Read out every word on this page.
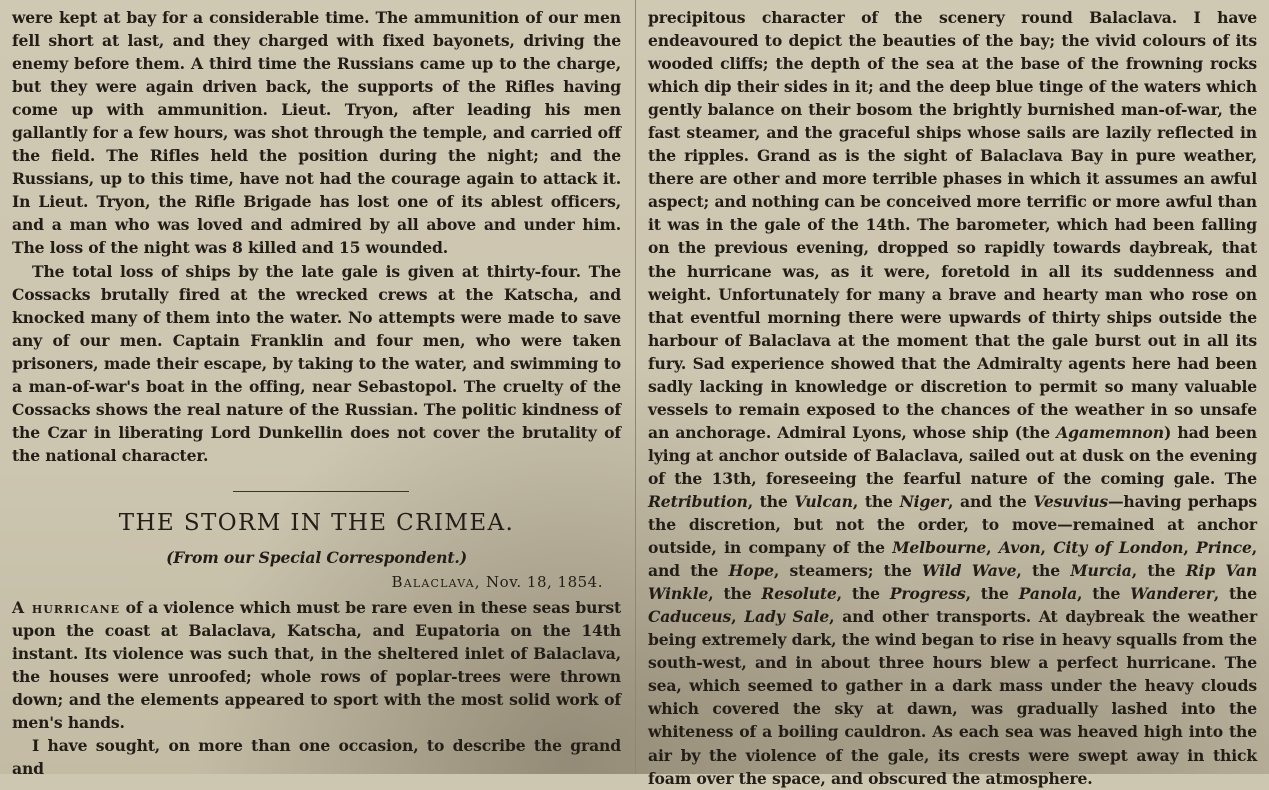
were kept at bay for a considerable time. The ammunition of our men fell short at last, and they charged with fixed bayonets, driving the enemy before them. A third time the Russians came up to the charge, but they were again driven back, the supports of the Rifles having come up with ammunition. Lieut. Tryon, after leading his men gallantly for a few hours, was shot through the temple, and carried off the field. The Rifles held the position during the night; and the Russians, up to this time, have not had the courage again to attack it. In Lieut. Tryon, the Rifle Brigade has lost one of its ablest officers, and a man who was loved and admired by all above and under him. The loss of the night was 8 killed and 15 wounded.

The total loss of ships by the late gale is given at thirty-four. The Cossacks brutally fired at the wrecked crews at the Katscha, and knocked many of them into the water. No attempts were made to save any of our men. Captain Franklin and four men, who were taken prisoners, made their escape, by taking to the water, and swimming to a man-of-war's boat in the offing, near Sebastopol. The cruelty of the Cossacks shows the real nature of the Russian. The politic kindness of the Czar in liberating Lord Dunkellin does not cover the brutality of the national character.

THE STORM IN THE CRIMEA.
(From our Special Correspondent.)
Balaclava, Nov. 18, 1854.

A hurricane of a violence which must be rare even in these seas burst upon the coast at Balaclava, Katscha, and Eupatoria on the 14th instant. Its violence was such that, in the sheltered inlet of Balaclava, the houses were unroofed; whole rows of poplar-trees were thrown down; and the elements appeared to sport with the most solid work of men's hands.

I have sought, on more than one occasion, to describe the grand and

precipitous character of the scenery round Balaclava. I have endeavoured to depict the beauties of the bay; the vivid colours of its wooded cliffs; the depth of the sea at the base of the frowning rocks which dip their sides in it; and the deep blue tinge of the waters which gently balance on their bosom the brightly burnished man-of-war, the fast steamer, and the graceful ships whose sails are lazily reflected in the ripples. Grand as is the sight of Balaclava Bay in pure weather, there are other and more terrible phases in which it assumes an awful aspect; and nothing can be conceived more terrific or more awful than it was in the gale of the 14th. The barometer, which had been falling on the previous evening, dropped so rapidly towards daybreak, that the hurricane was, as it were, foretold in all its suddenness and weight. Unfortunately for many a brave and hearty man who rose on that eventful morning there were upwards of thirty ships outside the harbour of Balaclava at the moment that the gale burst out in all its fury. Sad experience showed that the Admiralty agents here had been sadly lacking in knowledge or discretion to permit so many valuable vessels to remain exposed to the chances of the weather in so unsafe an anchorage. Admiral Lyons, whose ship (the Agamemnon) had been lying at anchor outside of Balaclava, sailed out at dusk on the evening of the 13th, foreseeing the fearful nature of the coming gale. The Retribution, the Vulcan, the Niger, and the Vesuvius—having perhaps the discretion, but not the order, to move—remained at anchor outside, in company of the Melbourne, Avon, City of London, Prince, and the Hope, steamers; the Wild Wave, the Murcia, the Rip Van Winkle, the Resolute, the Progress, the Panola, the Wanderer, the Caduceus, Lady Sale, and other transports. At daybreak the weather being extremely dark, the wind began to rise in heavy squalls from the south-west, and in about three hours blew a perfect hurricane. The sea, which seemed to gather in a dark mass under the heavy clouds which covered the sky at dawn, was gradually lashed into the whiteness of a boiling cauldron. As each sea was heaved high into the air by the violence of the gale, its crests were swept away in thick foam over the space, and obscured the atmosphere.
